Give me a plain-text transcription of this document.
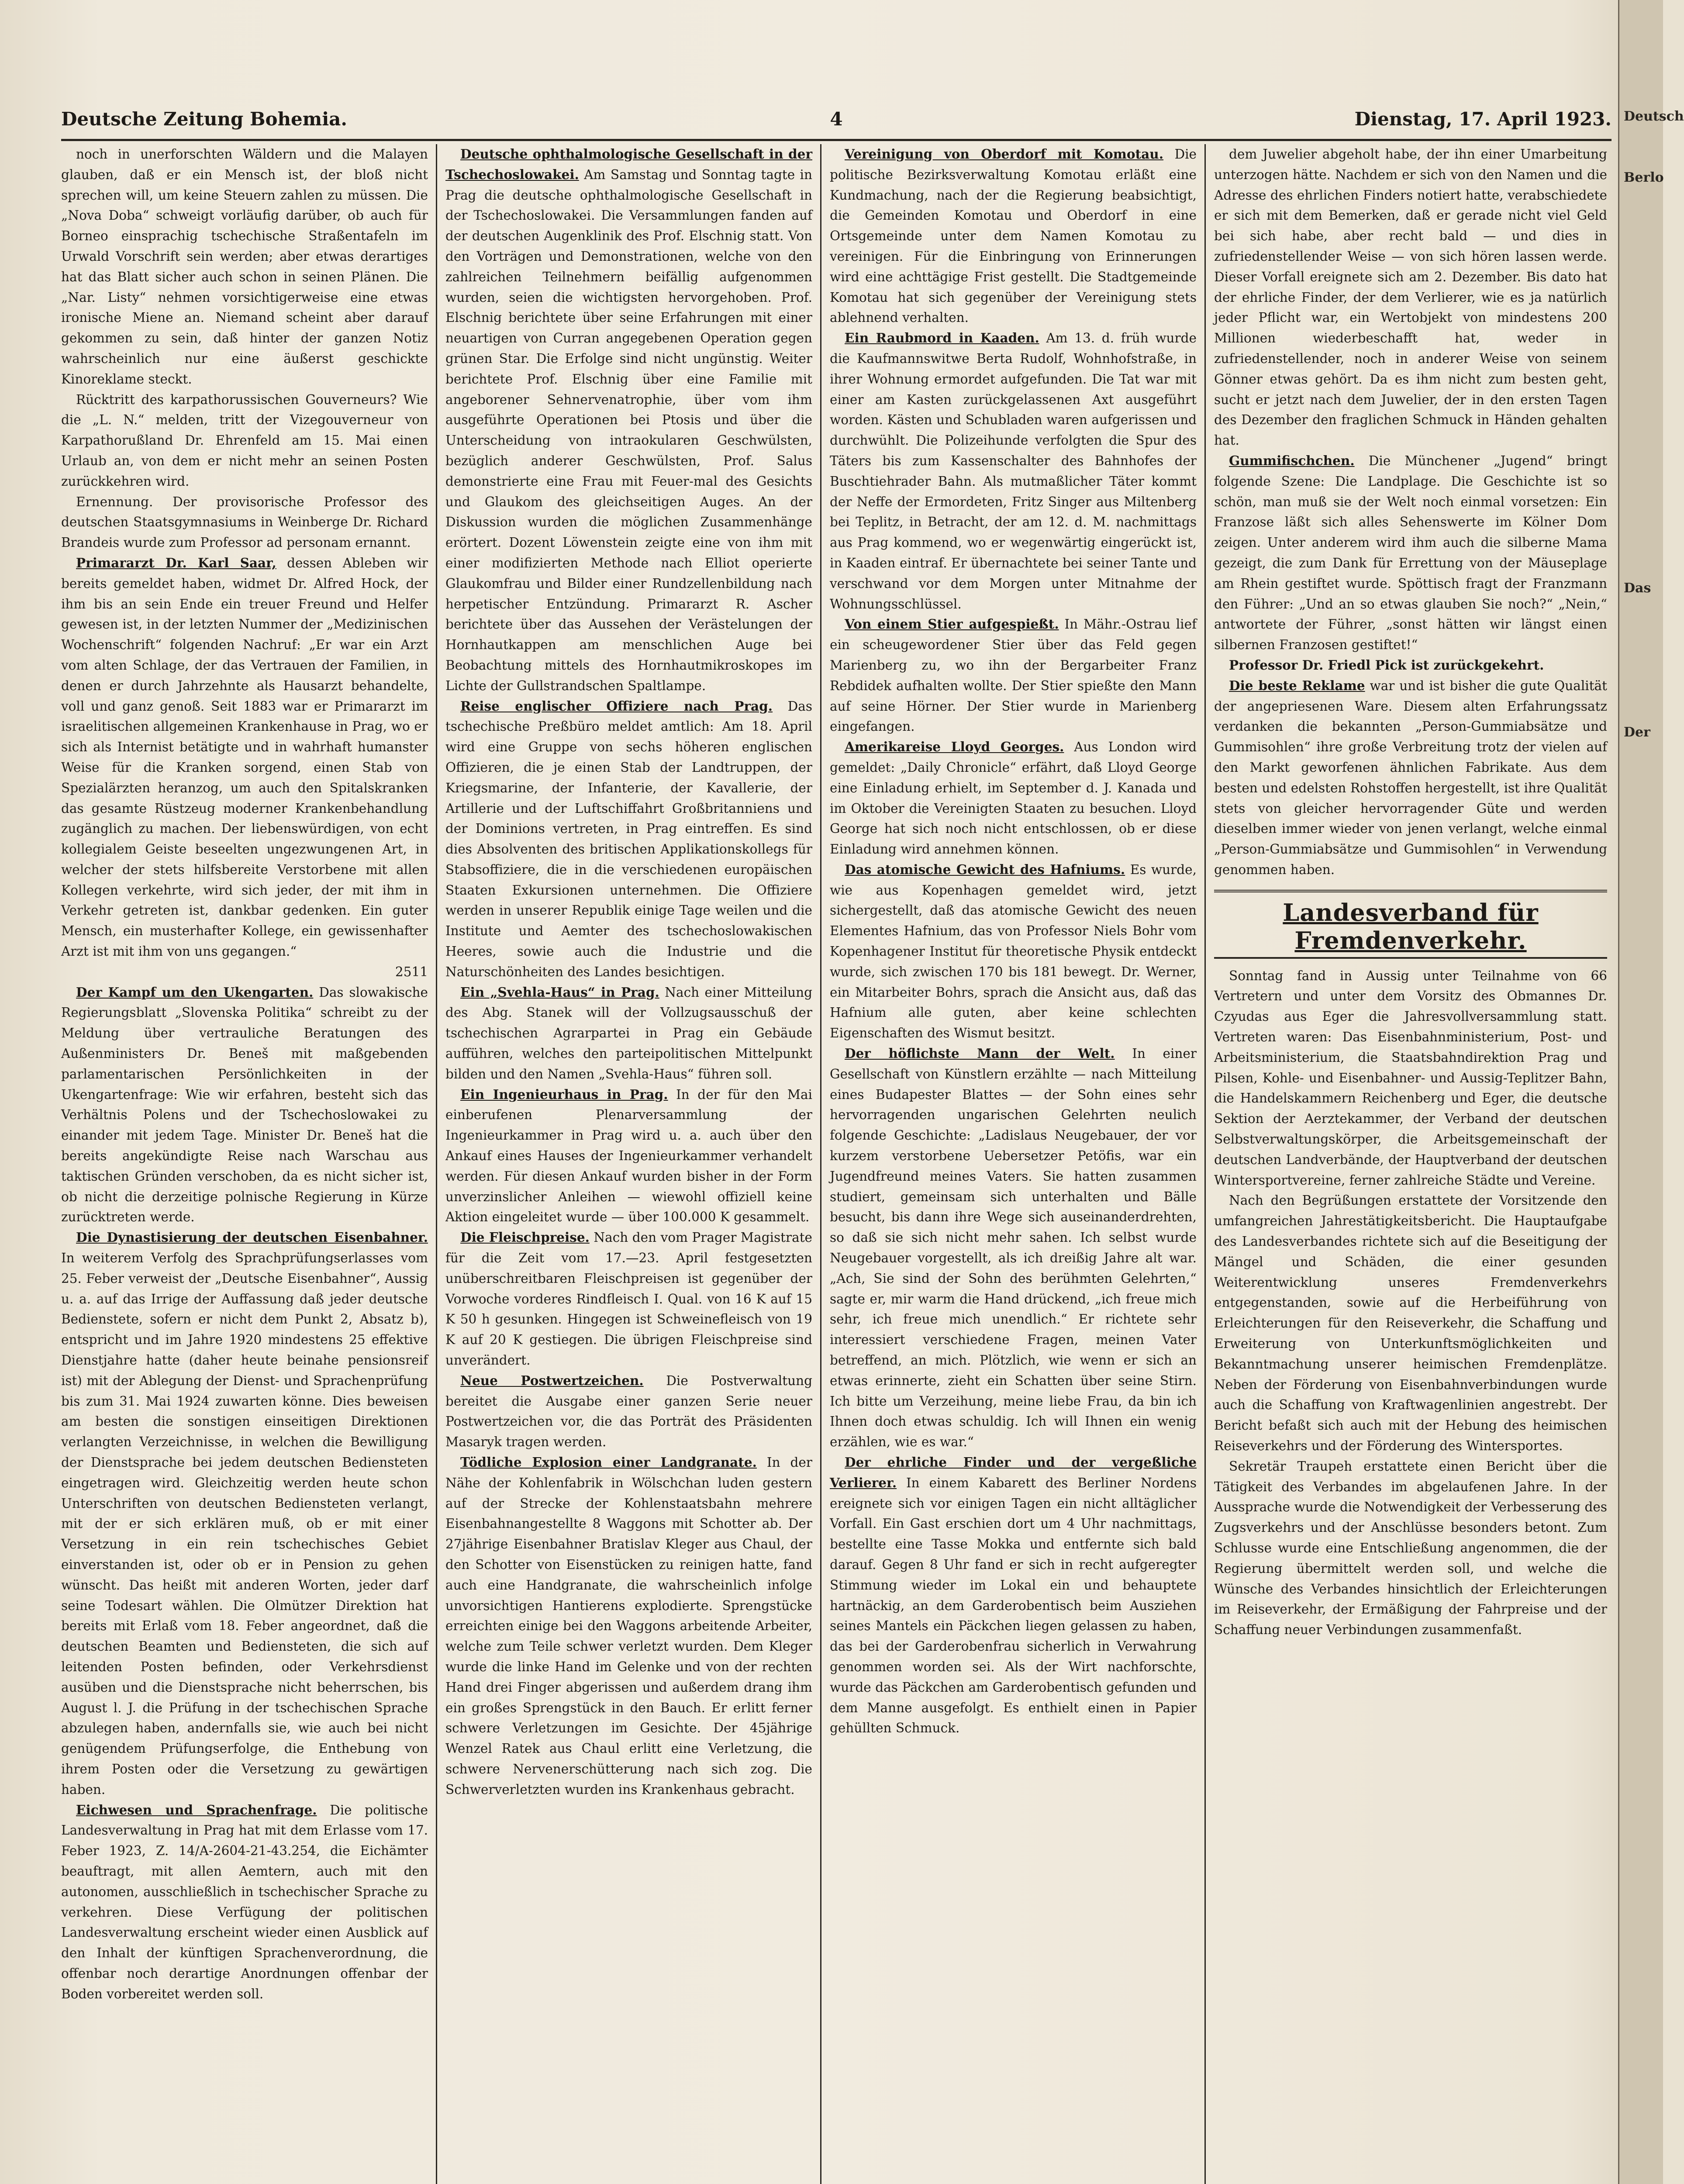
Deutsch
Berlo
Das
Der
Deutsche Zeitung Bohemia.	4	Dienstag, 17. April 1923.

noch in unerforschten Wäldern und die Malayen glauben, daß er ein Mensch ist, der bloß nicht sprechen will, um keine Steuern zahlen zu müssen. Die „Nova Doba“ schweigt vorläufig darüber, ob auch für Borneo einsprachig tschechische Straßentafeln im Urwald Vorschrift sein werden; aber etwas derartiges hat das Blatt sicher auch schon in seinen Plänen. Die „Nar. Listy“ nehmen vorsichtigerweise eine etwas ironische Miene an. Niemand scheint aber darauf gekommen zu sein, daß hinter der ganzen Notiz wahrscheinlich nur eine äußerst geschickte Kinoreklame steckt.

Rücktritt des karpathorussischen Gouverneurs? Wie die „L. N.“ melden, tritt der Vizegouverneur von Karpathorußland Dr. Ehrenfeld am 15. Mai einen Urlaub an, von dem er nicht mehr an seinen Posten zurückkehren wird.

Ernennung. Der provisorische Professor des deutschen Staatsgymnasiums in Weinberge Dr. Richard Brandeis wurde zum Professor ad personam ernannt.

Primararzt Dr. Karl Saar, dessen Ableben wir bereits gemeldet haben, widmet Dr. Alfred Hock, der ihm bis an sein Ende ein treuer Freund und Helfer gewesen ist, in der letzten Nummer der „Medizinischen Wochenschrift“ folgenden Nachruf: „Er war ein Arzt vom alten Schlage, der das Vertrauen der Familien, in denen er durch Jahrzehnte als Hausarzt behandelte, voll und ganz genoß. Seit 1883 war er Primararzt im israelitischen allgemeinen Krankenhause in Prag, wo er sich als Internist betätigte und in wahrhaft humanster Weise für die Kranken sorgend, einen Stab von Spezialärzten heranzog, um auch den Spitalskranken das gesamte Rüstzeug moderner Krankenbehandlung zugänglich zu machen. Der liebenswürdigen, von echt kollegialem Geiste beseelten ungezwungenen Art, in welcher der stets hilfsbereite Verstorbene mit allen Kollegen verkehrte, wird sich jeder, der mit ihm in Verkehr getreten ist, dankbar gedenken. Ein guter Mensch, ein musterhafter Kollege, ein gewissenhafter Arzt ist mit ihm von uns gegangen.“

2511

Der Kampf um den Ukengarten. Das slowakische Regierungsblatt „Slovenska Politika“ schreibt zu der Meldung über vertrauliche Beratungen des Außenministers Dr. Beneš mit maßgebenden parlamentarischen Persönlichkeiten in der Ukengartenfrage: Wie wir erfahren, besteht sich das Verhältnis Polens und der Tschechoslowakei zu einander mit jedem Tage. Minister Dr. Beneš hat die bereits angekündigte Reise nach Warschau aus taktischen Gründen verschoben, da es nicht sicher ist, ob nicht die derzeitige polnische Regierung in Kürze zurücktreten werde.

Die Dynastisierung der deutschen Eisenbahner. In weiterem Verfolg des Sprachprüfungserlasses vom 25. Feber verweist der „Deutsche Eisenbahner“, Aussig u. a. auf das Irrige der Auffassung daß jeder deutsche Bedienstete, sofern er nicht dem Punkt 2, Absatz b), entspricht und im Jahre 1920 mindestens 25 effektive Dienstjahre hatte (daher heute beinahe pensionsreif ist) mit der Ablegung der Dienst- und Sprachenprüfung bis zum 31. Mai 1924 zuwarten könne. Dies beweisen am besten die sonstigen einseitigen Direktionen verlangten Verzeichnisse, in welchen die Bewilligung der Dienstsprache bei jedem deutschen Bediensteten eingetragen wird. Gleichzeitig werden heute schon Unterschriften von deutschen Bediensteten verlangt, mit der er sich erklären muß, ob er mit einer Versetzung in ein rein tschechisches Gebiet einverstanden ist, oder ob er in Pension zu gehen wünscht. Das heißt mit anderen Worten, jeder darf seine Todesart wählen. Die Olmützer Direktion hat bereits mit Erlaß vom 18. Feber angeordnet, daß die deutschen Beamten und Bediensteten, die sich auf leitenden Posten befinden, oder Verkehrsdienst ausüben und die Dienstsprache nicht beherrschen, bis August l. J. die Prüfung in der tschechischen Sprache abzulegen haben, andernfalls sie, wie auch bei nicht genügendem Prüfungserfolge, die Enthebung von ihrem Posten oder die Versetzung zu gewärtigen haben.

Eichwesen und Sprachenfrage. Die politische Landesverwaltung in Prag hat mit dem Erlasse vom 17. Feber 1923, Z. 14/A-2604-21-43.254, die Eichämter beauftragt, mit allen Aemtern, auch mit den autonomen, ausschließlich in tschechischer Sprache zu verkehren. Diese Verfügung der politischen Landesverwaltung erscheint wieder einen Ausblick auf den Inhalt der künftigen Sprachenverordnung, die offenbar noch derartige Anordnungen offenbar der Boden vorbereitet werden soll.

Deutsche ophthalmologische Gesellschaft in der Tschechoslowakei. Am Samstag und Sonntag tagte in Prag die deutsche ophthalmologische Gesellschaft in der Tschechoslowakei. Die Versammlungen fanden auf der deutschen Augenklinik des Prof. Elschnig statt. Von den Vorträgen und Demonstrationen, welche von den zahlreichen Teilnehmern beifällig aufgenommen wurden, seien die wichtigsten hervorgehoben. Prof. Elschnig berichtete über seine Erfahrungen mit einer neuartigen von Curran angegebenen Operation gegen grünen Star. Die Erfolge sind nicht ungünstig. Weiter berichtete Prof. Elschnig über eine Familie mit angeborener Sehnervenatrophie, über vom ihm ausgeführte Operationen bei Ptosis und über die Unterscheidung von intraokularen Geschwülsten, bezüglich anderer Geschwülsten, Prof. Salus demonstrierte eine Frau mit Feuer-mal des Gesichts und Glaukom des gleichseitigen Auges. An der Diskussion wurden die möglichen Zusammenhänge erörtert. Dozent Löwenstein zeigte eine von ihm mit einer modifizierten Methode nach Elliot operierte Glaukomfrau und Bilder einer Rundzellenbildung nach herpetischer Entzündung. Primararzt R. Ascher berichtete über das Aussehen der Verästelungen der Hornhautkappen am menschlichen Auge bei Beobachtung mittels des Hornhautmikroskopes im Lichte der Gullstrandschen Spaltlampe.

Reise englischer Offiziere nach Prag. Das tschechische Preßbüro meldet amtlich: Am 18. April wird eine Gruppe von sechs höheren englischen Offizieren, die je einen Stab der Landtruppen, der Kriegsmarine, der Infanterie, der Kavallerie, der Artillerie und der Luftschiffahrt Großbritanniens und der Dominions vertreten, in Prag eintreffen. Es sind dies Absolventen des britischen Applikationskollegs für Stabsoffiziere, die in die verschiedenen europäischen Staaten Exkursionen unternehmen. Die Offiziere werden in unserer Republik einige Tage weilen und die Institute und Aemter des tschechoslowakischen Heeres, sowie auch die Industrie und die Naturschönheiten des Landes besichtigen.

Ein „Svehla-Haus“ in Prag. Nach einer Mitteilung des Abg. Stanek will der Vollzugsausschuß der tschechischen Agrarpartei in Prag ein Gebäude aufführen, welches den parteipolitischen Mittelpunkt bilden und den Namen „Svehla-Haus“ führen soll.

Ein Ingenieurhaus in Prag. In der für den Mai einberufenen Plenarversammlung der Ingenieurkammer in Prag wird u. a. auch über den Ankauf eines Hauses der Ingenieurkammer verhandelt werden. Für diesen Ankauf wurden bisher in der Form unverzinslicher Anleihen — wiewohl offiziell keine Aktion eingeleitet wurde — über 100.000 K gesammelt.

Die Fleischpreise. Nach den vom Prager Magistrate für die Zeit vom 17.—23. April festgesetzten unüberschreitbaren Fleischpreisen ist gegenüber der Vorwoche vorderes Rindfleisch I. Qual. von 16 K auf 15 K 50 h gesunken. Hingegen ist Schweinefleisch von 19 K auf 20 K gestiegen. Die übrigen Fleischpreise sind unverändert.

Neue Postwertzeichen. Die Postverwaltung bereitet die Ausgabe einer ganzen Serie neuer Postwertzeichen vor, die das Porträt des Präsidenten Masaryk tragen werden.

Tödliche Explosion einer Landgranate. In der Nähe der Kohlenfabrik in Wölschchan luden gestern auf der Strecke der Kohlenstaatsbahn mehrere Eisenbahnangestellte 8 Waggons mit Schotter ab. Der 27jährige Eisenbahner Bratislav Kleger aus Chaul, der den Schotter von Eisenstücken zu reinigen hatte, fand auch eine Handgranate, die wahrscheinlich infolge unvorsichtigen Hantierens explodierte. Sprengstücke erreichten einige bei den Waggons arbeitende Arbeiter, welche zum Teile schwer verletzt wurden. Dem Kleger wurde die linke Hand im Gelenke und von der rechten Hand drei Finger abgerissen und außerdem drang ihm ein großes Sprengstück in den Bauch. Er erlitt ferner schwere Verletzungen im Gesichte. Der 45jährige Wenzel Ratek aus Chaul erlitt eine Verletzung, die schwere Nervenerschütterung nach sich zog. Die Schwerverletzten wurden ins Krankenhaus gebracht.

Vereinigung von Oberdorf mit Komotau. Die politische Bezirksverwaltung Komotau erläßt eine Kundmachung, nach der die Regierung beabsichtigt, die Gemeinden Komotau und Oberdorf in eine Ortsgemeinde unter dem Namen Komotau zu vereinigen. Für die Einbringung von Erinnerungen wird eine achttägige Frist gestellt. Die Stadtgemeinde Komotau hat sich gegenüber der Vereinigung stets ablehnend verhalten.

Ein Raubmord in Kaaden. Am 13. d. früh wurde die Kaufmannswitwe Berta Rudolf, Wohnhofstraße, in ihrer Wohnung ermordet aufgefunden. Die Tat war mit einer am Kasten zurückgelassenen Axt ausgeführt worden. Kästen und Schubladen waren aufgerissen und durchwühlt. Die Polizeihunde verfolgten die Spur des Täters bis zum Kassenschalter des Bahnhofes der Buschtiehrader Bahn. Als mutmaßlicher Täter kommt der Neffe der Ermordeten, Fritz Singer aus Miltenberg bei Teplitz, in Betracht, der am 12. d. M. nachmittags aus Prag kommend, wo er wegenwärtig eingerückt ist, in Kaaden eintraf. Er übernachtete bei seiner Tante und verschwand vor dem Morgen unter Mitnahme der Wohnungsschlüssel.

Von einem Stier aufgespießt. In Mähr.-Ostrau lief ein scheugewordener Stier über das Feld gegen Marienberg zu, wo ihn der Bergarbeiter Franz Rebdidek aufhalten wollte. Der Stier spießte den Mann auf seine Hörner. Der Stier wurde in Marienberg eingefangen.

Amerikareise Lloyd Georges. Aus London wird gemeldet: „Daily Chronicle“ erfährt, daß Lloyd George eine Einladung erhielt, im September d. J. Kanada und im Oktober die Vereinigten Staaten zu besuchen. Lloyd George hat sich noch nicht entschlossen, ob er diese Einladung wird annehmen können.

Das atomische Gewicht des Hafniums. Es wurde, wie aus Kopenhagen gemeldet wird, jetzt sichergestellt, daß das atomische Gewicht des neuen Elementes Hafnium, das von Professor Niels Bohr vom Kopenhagener Institut für theoretische Physik entdeckt wurde, sich zwischen 170 bis 181 bewegt. Dr. Werner, ein Mitarbeiter Bohrs, sprach die Ansicht aus, daß das Hafnium alle guten, aber keine schlechten Eigenschaften des Wismut besitzt.

Der höflichste Mann der Welt. In einer Gesellschaft von Künstlern erzählte — nach Mitteilung eines Budapester Blattes — der Sohn eines sehr hervorragenden ungarischen Gelehrten neulich folgende Geschichte: „Ladislaus Neugebauer, der vor kurzem verstorbene Uebersetzer Petöfis, war ein Jugendfreund meines Vaters. Sie hatten zusammen studiert, gemeinsam sich unterhalten und Bälle besucht, bis dann ihre Wege sich auseinanderdrehten, so daß sie sich nicht mehr sahen. Ich selbst wurde Neugebauer vorgestellt, als ich dreißig Jahre alt war. „Ach, Sie sind der Sohn des berühmten Gelehrten,“ sagte er, mir warm die Hand drückend, „ich freue mich sehr, ich freue mich unendlich.“ Er richtete sehr interessiert verschiedene Fragen, meinen Vater betreffend, an mich. Plötzlich, wie wenn er sich an etwas erinnerte, zieht ein Schatten über seine Stirn. Ich bitte um Verzeihung, meine liebe Frau, da bin ich Ihnen doch etwas schuldig. Ich will Ihnen ein wenig erzählen, wie es war.“

Der ehrliche Finder und der vergeßliche Verlierer. In einem Kabarett des Berliner Nordens ereignete sich vor einigen Tagen ein nicht alltäglicher Vorfall. Ein Gast erschien dort um 4 Uhr nachmittags, bestellte eine Tasse Mokka und entfernte sich bald darauf. Gegen 8 Uhr fand er sich in recht aufgeregter Stimmung wieder im Lokal ein und behauptete hartnäckig, an dem Garderobentisch beim Ausziehen seines Mantels ein Päckchen liegen gelassen zu haben, das bei der Garderobenfrau sicherlich in Verwahrung genommen worden sei. Als der Wirt nachforschte, wurde das Päckchen am Garderobentisch gefunden und dem Manne ausgefolgt. Es enthielt einen in Papier gehüllten Schmuck.

dem Juwelier abgeholt habe, der ihn einer Umarbeitung unterzogen hätte. Nachdem er sich von den Namen und die Adresse des ehrlichen Finders notiert hatte, verabschiedete er sich mit dem Bemerken, daß er gerade nicht viel Geld bei sich habe, aber recht bald — und dies in zufriedenstellender Weise — von sich hören lassen werde. Dieser Vorfall ereignete sich am 2. Dezember. Bis dato hat der ehrliche Finder, der dem Verlierer, wie es ja natürlich jeder Pflicht war, ein Wertobjekt von mindestens 200 Millionen wiederbeschafft hat, weder in zufriedenstellender, noch in anderer Weise von seinem Gönner etwas gehört. Da es ihm nicht zum besten geht, sucht er jetzt nach dem Juwelier, der in den ersten Tagen des Dezember den fraglichen Schmuck in Händen gehalten hat.

Gummifischchen. Die Münchener „Jugend“ bringt folgende Szene: Die Landplage. Die Geschichte ist so schön, man muß sie der Welt noch einmal vorsetzen: Ein Franzose läßt sich alles Sehenswerte im Kölner Dom zeigen. Unter anderem wird ihm auch die silberne Mama gezeigt, die zum Dank für Errettung von der Mäuseplage am Rhein gestiftet wurde. Spöttisch fragt der Franzmann den Führer: „Und an so etwas glauben Sie noch?“ „Nein,“ antwortete der Führer, „sonst hätten wir längst einen silbernen Franzosen gestiftet!“

Professor Dr. Friedl Pick ist zurückgekehrt.

Die beste Reklame war und ist bisher die gute Qualität der angepriesenen Ware. Diesem alten Erfahrungssatz verdanken die bekannten „Person-Gummiabsätze und Gummisohlen“ ihre große Verbreitung trotz der vielen auf den Markt geworfenen ähnlichen Fabrikate. Aus dem besten und edelsten Rohstoffen hergestellt, ist ihre Qualität stets von gleicher hervorragender Güte und werden dieselben immer wieder von jenen verlangt, welche einmal „Person-Gummiabsätze und Gummisohlen“ in Verwendung genommen haben.

Landesverband für Fremdenverkehr.

Sonntag fand in Aussig unter Teilnahme von 66 Vertretern und unter dem Vorsitz des Obmannes Dr. Czyudas aus Eger die Jahresvollversammlung statt. Vertreten waren: Das Eisenbahnministerium, Post- und Arbeitsministerium, die Staatsbahndirektion Prag und Pilsen, Kohle- und Eisenbahner- und Aussig-Teplitzer Bahn, die Handelskammern Reichenberg und Eger, die deutsche Sektion der Aerztekammer, der Verband der deutschen Selbstverwaltungskörper, die Arbeitsgemeinschaft der deutschen Landverbände, der Hauptverband der deutschen Wintersportvereine, ferner zahlreiche Städte und Vereine.

Nach den Begrüßungen erstattete der Vorsitzende den umfangreichen Jahrestätigkeitsbericht. Die Hauptaufgabe des Landesverbandes richtete sich auf die Beseitigung der Mängel und Schäden, die einer gesunden Weiterentwicklung unseres Fremdenverkehrs entgegenstanden, sowie auf die Herbeiführung von Erleichterungen für den Reiseverkehr, die Schaffung und Erweiterung von Unterkunftsmöglichkeiten und Bekanntmachung unserer heimischen Fremdenplätze. Neben der Förderung von Eisenbahnverbindungen wurde auch die Schaffung von Kraftwagenlinien angestrebt. Der Bericht befaßt sich auch mit der Hebung des heimischen Reiseverkehrs und der Förderung des Wintersportes.

Sekretär Traupeh erstattete einen Bericht über die Tätigkeit des Verbandes im abgelaufenen Jahre. In der Aussprache wurde die Notwendigkeit der Verbesserung des Zugsverkehrs und der Anschlüsse besonders betont. Zum Schlusse wurde eine Entschließung angenommen, die der Regierung übermittelt werden soll, und welche die Wünsche des Verbandes hinsichtlich der Erleichterungen im Reiseverkehr, der Ermäßigung der Fahrpreise und der Schaffung neuer Verbindungen zusammenfaßt.
